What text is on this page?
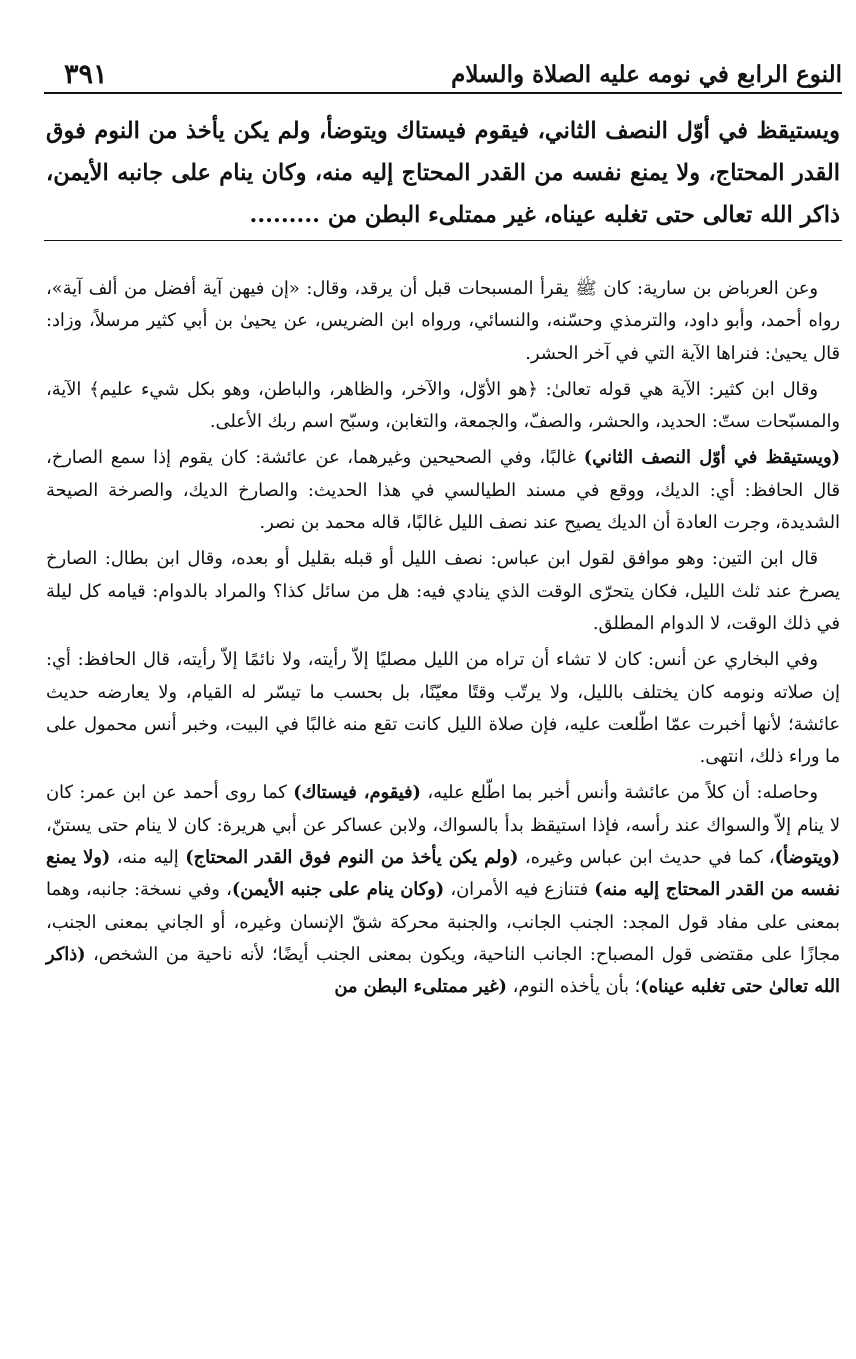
النوع الرابع في نومه عليه الصلاة والسلام
٣٩١

ويستيقظ في أوّل النصف الثاني، فيقوم فيستاك ويتوضأ، ولم يكن يأخذ من النوم فوق القدر المحتاج، ولا يمنع نفسه من القدر المحتاج إليه منه، وكان ينام على جانبه الأيمن، ذاكر الله تعالى حتى تغلبه عيناه، غير ممتلىء البطن من .........

وعن العرباض بن سارية: كان ﷺ يقرأ المسبحات قبل أن يرقد، وقال: «إن فيهن آية أفضل من ألف آية»، رواه أحمد، وأبو داود، والترمذي وحسّنه، والنسائي، ورواه ابن الضريس، عن يحيىٰ بن أبي كثير مرسلاً، وزاد: قال يحيىٰ: فنراها الآية التي في آخر الحشر.

وقال ابن كثير: الآية هي قوله تعالىٰ: ﴿هو الأوّل، والآخر، والظاهر، والباطن، وهو بكل شيء عليم﴾ الآية، والمسبّحات ستّ: الحديد، والحشر، والصفّ، والجمعة، والتغابن، وسبّح اسم ربك الأعلى.

(ويستيقظ في أوّل النصف الثاني) غالبًا، وفي الصحيحين وغيرهما، عن عائشة: كان يقوم إذا سمع الصارخ، قال الحافظ: أي: الديك، ووقع في مسند الطيالسي في هذا الحديث: والصارخ الديك، والصرخة الصيحة الشديدة، وجرت العادة أن الديك يصيح عند نصف الليل غالبًا، قاله محمد بن نصر.

قال ابن التين: وهو موافق لقول ابن عباس: نصف الليل أو قبله بقليل أو بعده، وقال ابن بطال: الصارخ يصرخ عند ثلث الليل، فكان يتحرّى الوقت الذي ينادي فيه: هل من سائل كذا؟ والمراد بالدوام: قيامه كل ليلة في ذلك الوقت، لا الدوام المطلق.

وفي البخاري عن أنس: كان لا تشاء أن تراه من الليل مصليًا إلاّ رأيته، ولا نائمًا إلاّ رأيته، قال الحافظ: أي: إن صلاته ونومه كان يختلف بالليل، ولا يرتّب وقتًا معيّنًا، بل بحسب ما تيسّر له القيام، ولا يعارضه حديث عائشة؛ لأنها أخبرت عمّا اطّلعت عليه، فإن صلاة الليل كانت تقع منه غالبًا في البيت، وخبر أنس محمول على ما وراء ذلك، انتهى.

وحاصله: أن كلاً من عائشة وأنس أخبر بما اطّلع عليه، (فيقوم، فيستاك) كما روى أحمد عن ابن عمر: كان لا ينام إلاّ والسواك عند رأسه، فإذا استيقظ بدأ بالسواك، ولابن عساكر عن أبي هريرة: كان لا ينام حتى يستنّ، (ويتوضأ)، كما في حديث ابن عباس وغيره، (ولم يكن يأخذ من النوم فوق القدر المحتاج) إليه منه، (ولا يمنع نفسه من القدر المحتاج إليه منه) فتنازع فيه الأمران، (وكان ينام على جنبه الأيمن)، وفي نسخة: جانبه، وهما بمعنى على مفاد قول المجد: الجنب الجانب، والجنبة محركة شقّ الإنسان وغيره، أو الجاني بمعنى الجنب، مجازًا على مقتضى قول المصباح: الجانب الناحية، ويكون بمعنى الجنب أيضًا؛ لأنه ناحية من الشخص، (ذاكر الله تعالىٰ حتى تغلبه عيناه)؛ بأن يأخذه النوم، (غير ممتلىء البطن من
